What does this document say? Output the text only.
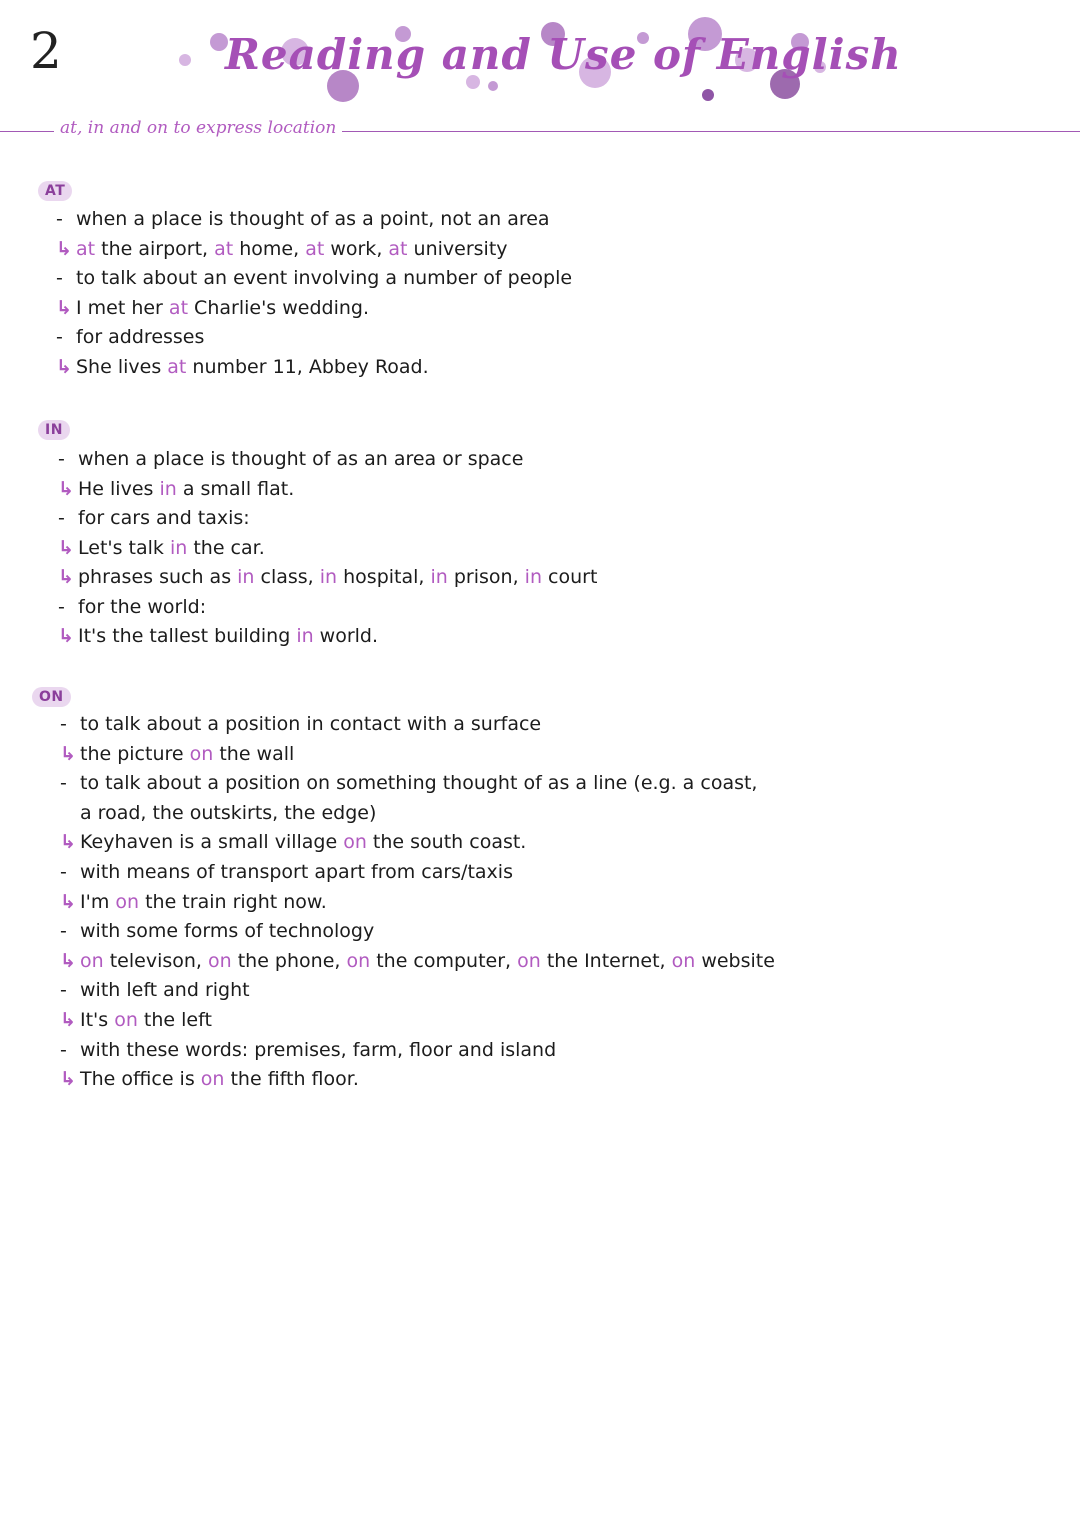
2	Reading and Use of English
at, in and on to express location
AT
- when a place is thought of as a point, not an area
↳ at the airport, at home, at work, at university
- to talk about an event involving a number of people
↳ I met her at Charlie's wedding.
- for addresses
↳ She lives at number 11, Abbey Road.
IN
- when a place is thought of as an area or space
↳ He lives in a small flat.
- for cars and taxis:
↳ Let's talk in the car.
↳ phrases such as in class, in hospital, in prison, in court
- for the world:
↳ It's the tallest building in world.
ON
- to talk about a position in contact with a surface
↳ the picture on the wall
- to talk about a position on something thought of as a line (e.g. a coast,
a road, the outskirts, the edge)
↳ Keyhaven is a small village on the south coast.
- with means of transport apart from cars/taxis
↳ I'm on the train right now.
- with some forms of technology
↳ on televison, on the phone, on the computer, on the Internet, on website
- with left and right
↳ It's on the left
- with these words: premises, farm, floor and island
↳ The office is on the fifth floor.
